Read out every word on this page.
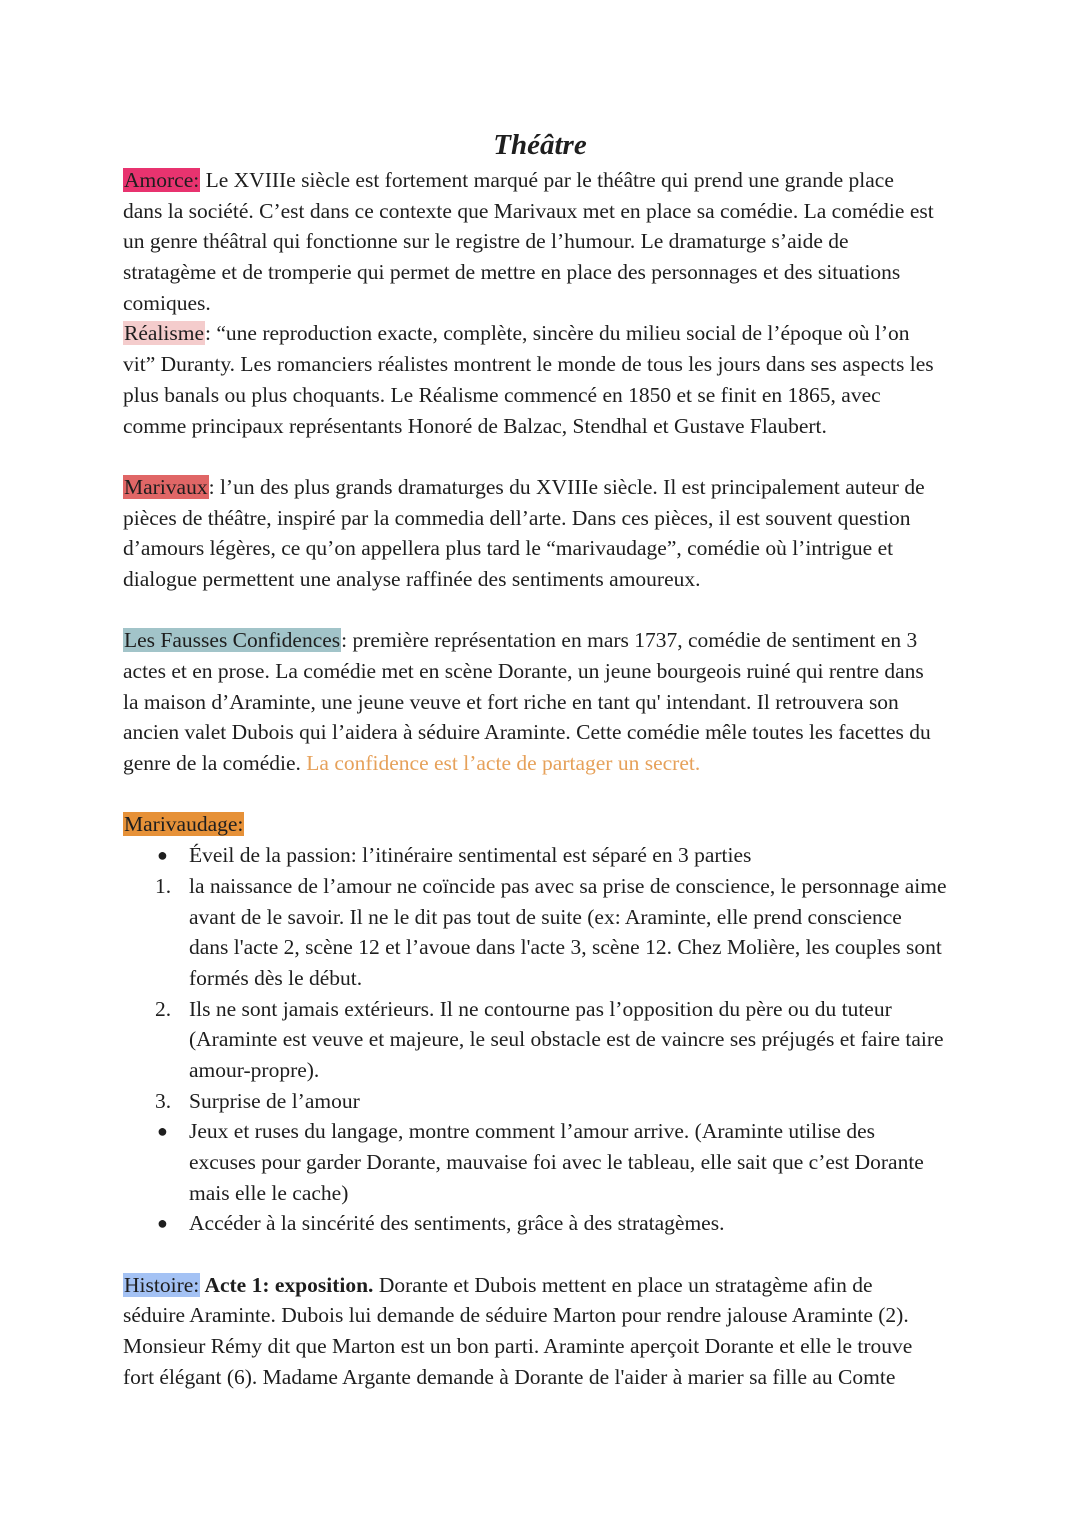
Théâtre
Amorce: Le XVIIIe siècle est fortement marqué par le théâtre qui prend une grande place
dans la société. C’est dans ce contexte que Marivaux met en place sa comédie. La comédie est
un genre théâtral qui fonctionne sur le registre de l’humour. Le dramaturge s’aide de
stratagème et de tromperie qui permet de mettre en place des personnages et des situations
comiques.
Réalisme: “une reproduction exacte, complète, sincère du milieu social de l’époque où l’on
vit” Duranty. Les romanciers réalistes montrent le monde de tous les jours dans ses aspects les
plus banals ou plus choquants. Le Réalisme commencé en 1850 et se finit en 1865, avec
comme principaux représentants Honoré de Balzac, Stendhal et Gustave Flaubert.
Marivaux: l’un des plus grands dramaturges du XVIIIe siècle. Il est principalement auteur de
pièces de théâtre, inspiré par la commedia dell’arte. Dans ces pièces, il est souvent question
d’amours légères, ce qu’on appellera plus tard le “marivaudage”, comédie où l’intrigue et
dialogue permettent une analyse raffinée des sentiments amoureux.
Les Fausses Confidences: première représentation en mars 1737, comédie de sentiment en 3
actes et en prose. La comédie met en scène Dorante, un jeune bourgeois ruiné qui rentre dans
la maison d’Araminte, une jeune veuve et fort riche en tant qu' intendant. Il retrouvera son
ancien valet Dubois qui l’aidera à séduire Araminte. Cette comédie mêle toutes les facettes du
genre de la comédie. La confidence est l’acte de partager un secret.
Marivaudage:
● Éveil de la passion: l’itinéraire sentimental est séparé en 3 parties
1. la naissance de l’amour ne coïncide pas avec sa prise de conscience, le personnage aime
avant de le savoir. Il ne le dit pas tout de suite (ex: Araminte, elle prend conscience
dans l'acte 2, scène 12 et l’avoue dans l'acte 3, scène 12. Chez Molière, les couples sont
formés dès le début.
2. Ils ne sont jamais extérieurs. Il ne contourne pas l’opposition du père ou du tuteur
(Araminte est veuve et majeure, le seul obstacle est de vaincre ses préjugés et faire taire
amour-propre).
3. Surprise de l’amour
● Jeux et ruses du langage, montre comment l’amour arrive. (Araminte utilise des
excuses pour garder Dorante, mauvaise foi avec le tableau, elle sait que c’est Dorante
mais elle le cache)
● Accéder à la sincérité des sentiments, grâce à des stratagèmes.
Histoire: Acte 1: exposition. Dorante et Dubois mettent en place un stratagème afin de
séduire Araminte. Dubois lui demande de séduire Marton pour rendre jalouse Araminte (2).
Monsieur Rémy dit que Marton est un bon parti. Araminte aperçoit Dorante et elle le trouve
fort élégant (6). Madame Argante demande à Dorante de l'aider à marier sa fille au Comte
